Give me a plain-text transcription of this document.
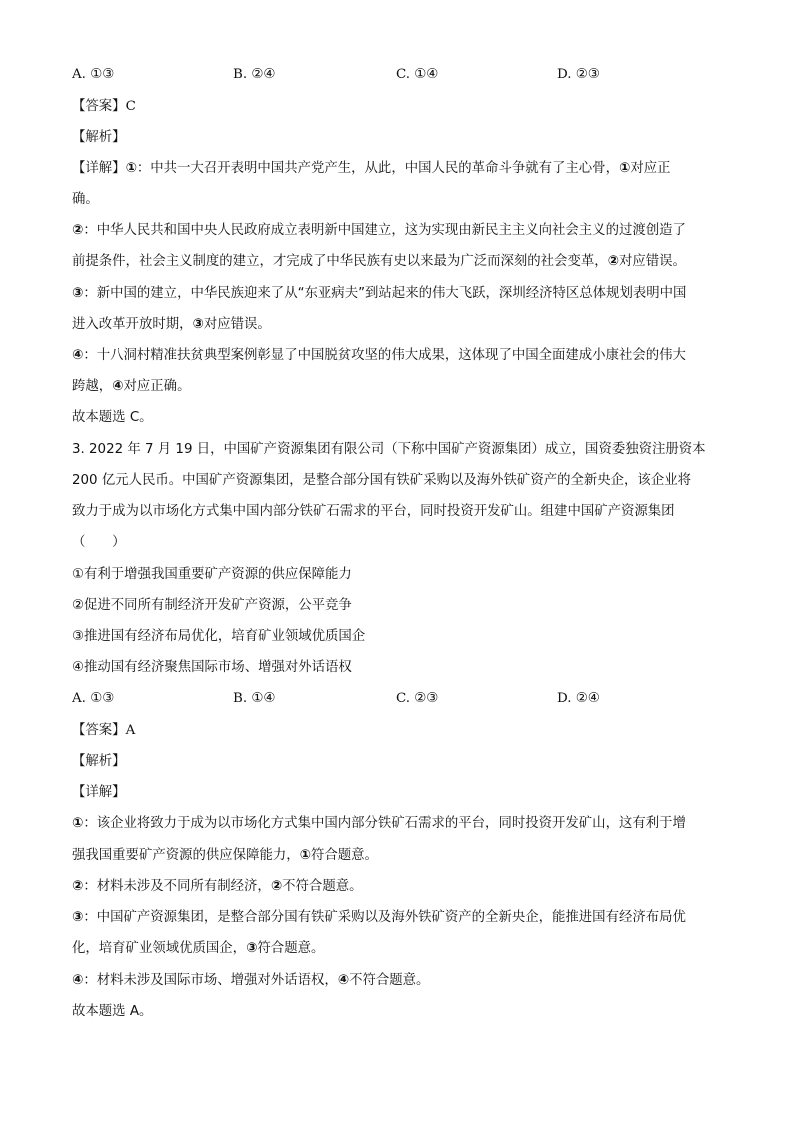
A. ①③	B. ②④	C. ①④	D. ②③
【答案】C
【解析】
【详解】①：中共一大召开表明中国共产党产生，从此，中国人民的革命斗争就有了主心骨，①对应正
确。
②：中华人民共和国中央人民政府成立表明新中国建立，这为实现由新民主主义向社会主义的过渡创造了
前提条件，社会主义制度的建立，才完成了中华民族有史以来最为广泛而深刻的社会变革，②对应错误。
③：新中国的建立，中华民族迎来了从“东亚病夫”到站起来的伟大飞跃，深圳经济特区总体规划表明中国
进入改革开放时期，③对应错误。
④：十八洞村精准扶贫典型案例彰显了中国脱贫攻坚的伟大成果，这体现了中国全面建成小康社会的伟大
跨越，④对应正确。
故本题选 C。
3. 2022 年 7 月 19 日，中国矿产资源集团有限公司（下称中国矿产资源集团）成立，国资委独资注册资本
200 亿元人民币。中国矿产资源集团，是整合部分国有铁矿采购以及海外铁矿资产的全新央企，该企业将
致力于成为以市场化方式集中国内部分铁矿石需求的平台，同时投资开发矿山。组建中国矿产资源集团
（　　）
①有利于增强我国重要矿产资源的供应保障能力
②促进不同所有制经济开发矿产资源，公平竞争
③推进国有经济布局优化，培育矿业领域优质国企
④推动国有经济聚焦国际市场、增强对外话语权
A. ①③	B. ①④	C. ②③	D. ②④
【答案】A
【解析】
【详解】
①：该企业将致力于成为以市场化方式集中国内部分铁矿石需求的平台，同时投资开发矿山，这有利于增
强我国重要矿产资源的供应保障能力，①符合题意。
②：材料未涉及不同所有制经济，②不符合题意。
③：中国矿产资源集团，是整合部分国有铁矿采购以及海外铁矿资产的全新央企，能推进国有经济布局优
化，培育矿业领域优质国企，③符合题意。
④：材料未涉及国际市场、增强对外话语权，④不符合题意。
故本题选 A。
